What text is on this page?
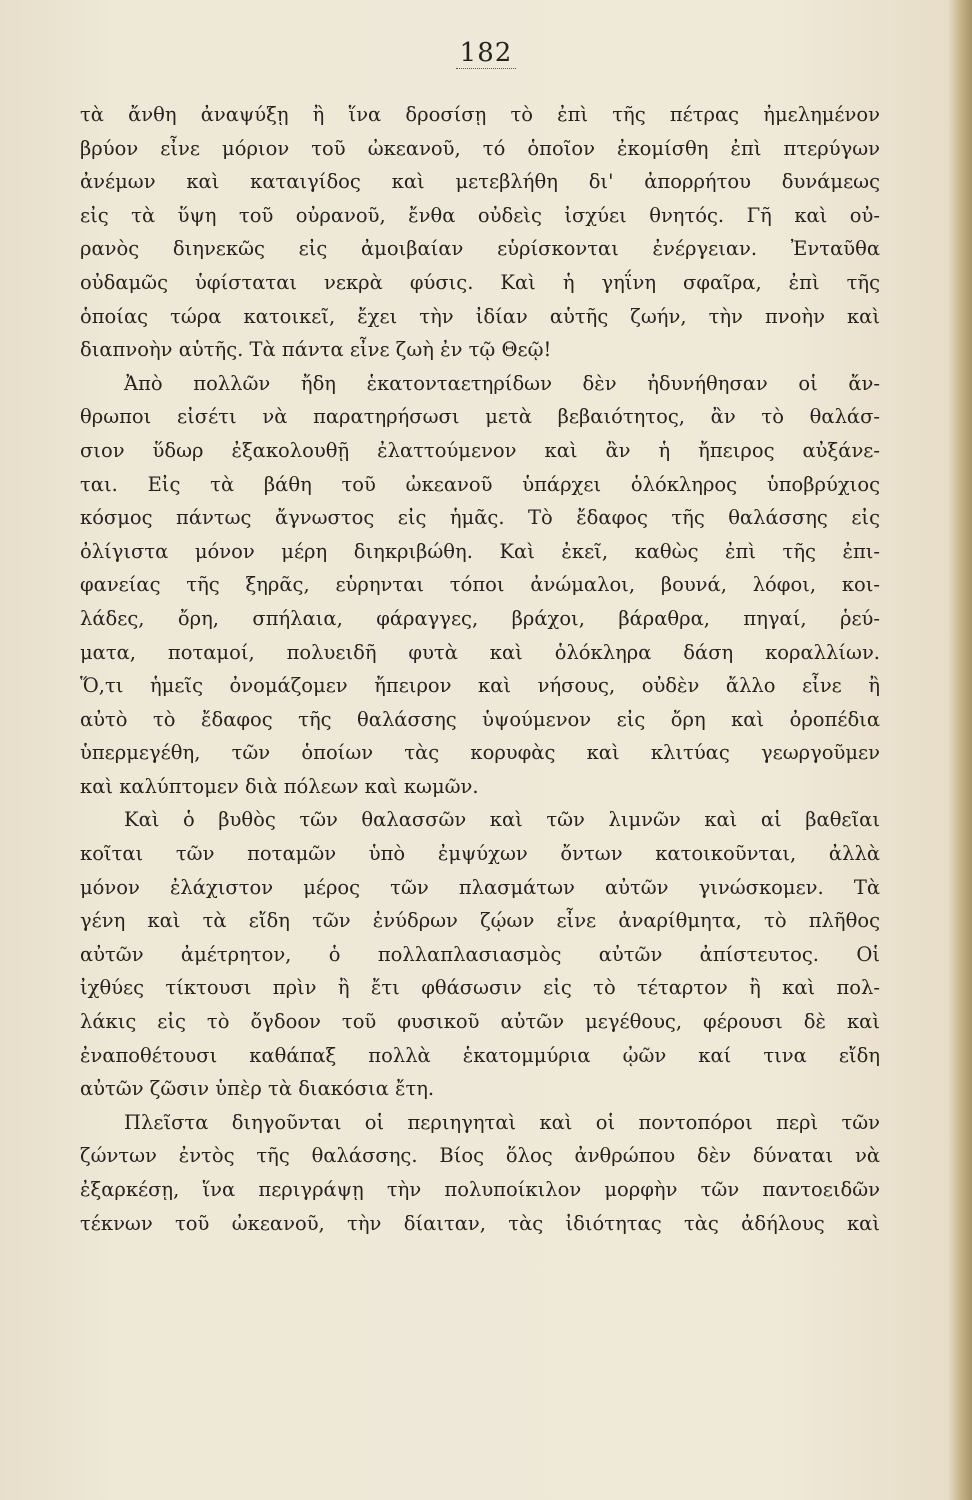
182
τὰ ἄνθη ἀναψύξῃ ἢ ἵνα δροσίσῃ τὸ ἐπὶ τῆς πέτρας ἠμελημένον
βρύον εἶνε μόριον τοῦ ὠκεανοῦ, τό ὁποῖον ἐκομίσθη ἐπὶ πτερύγων
ἀνέμων καὶ καταιγίδος καὶ μετεβλήθη δι' ἀπορρήτου δυνάμεως
εἰς τὰ ὕψη τοῦ οὐρανοῦ, ἔνθα οὐδεὶς ἰσχύει θνητός. Γῆ καὶ οὐ-
ρανὸς διηνεκῶς εἰς ἀμοιβαίαν εὑρίσκονται ἐνέργειαν. Ἐνταῦθα
οὐδαμῶς ὑφίσταται νεκρὰ φύσις. Καὶ ἡ γηΐνη σφαῖρα, ἐπὶ τῆς
ὁποίας τώρα κατοικεῖ, ἔχει τὴν ἰδίαν αὑτῆς ζωήν, τὴν πνοὴν καὶ
διαπνοὴν αὑτῆς. Τὰ πάντα εἶνε ζωὴ ἐν τῷ Θεῷ!
Ἀπὸ πολλῶν ἤδη ἑκατονταετηρίδων δὲν ἠδυνήθησαν οἱ ἄν-
θρωποι εἰσέτι νὰ παρατηρήσωσι μετὰ βεβαιότητος, ἂν τὸ θαλάσ-
σιον ὕδωρ ἐξακολουθῇ ἐλαττούμενον καὶ ἂν ἡ ἤπειρος αὐξάνε-
ται. Εἰς τὰ βάθη τοῦ ὠκεανοῦ ὑπάρχει ὁλόκληρος ὑποβρύχιος
κόσμος πάντως ἄγνωστος εἰς ἡμᾶς. Τὸ ἔδαφος τῆς θαλάσσης εἰς
ὀλίγιστα μόνον μέρη διηκριβώθη. Καὶ ἐκεῖ, καθὼς ἐπὶ τῆς ἐπι-
φανείας τῆς ξηρᾶς, εὑρηνται τόποι ἀνώμαλοι, βουνά, λόφοι, κοι-
λάδες, ὄρη, σπήλαια, φάραγγες, βράχοι, βάραθρα, πηγαί, ῥεύ-
ματα, ποταμοί, πολυειδῆ φυτὰ καὶ ὁλόκληρα δάση κοραλλίων.
Ὅ,τι ἡμεῖς ὀνομάζομεν ἤπειρον καὶ νήσους, οὐδὲν ἄλλο εἶνε ἢ
αὐτὸ τὸ ἔδαφος τῆς θαλάσσης ὑψούμενον εἰς ὄρη καὶ ὀροπέδια
ὑπερμεγέθη, τῶν ὁποίων τὰς κορυφὰς καὶ κλιτύας γεωργοῦμεν
καὶ καλύπτομεν διὰ πόλεων καὶ κωμῶν.
Καὶ ὁ βυθὸς τῶν θαλασσῶν καὶ τῶν λιμνῶν καὶ αἱ βαθεῖαι
κοῖται τῶν ποταμῶν ὑπὸ ἐμψύχων ὄντων κατοικοῦνται, ἀλλὰ
μόνον ἐλάχιστον μέρος τῶν πλασμάτων αὐτῶν γινώσκομεν. Τὰ
γένη καὶ τὰ εἴδη τῶν ἐνύδρων ζῴων εἶνε ἀναρίθμητα, τὸ πλῆθος
αὐτῶν ἀμέτρητον, ὁ πολλαπλασιασμὸς αὐτῶν ἀπίστευτος. Οἱ
ἰχθύες τίκτουσι πρὶν ἢ ἔτι φθάσωσιν εἰς τὸ τέταρτον ἢ καὶ πολ-
λάκις εἰς τὸ ὄγδοον τοῦ φυσικοῦ αὐτῶν μεγέθους, φέρουσι δὲ καὶ
ἐναποθέτουσι καθάπαξ πολλὰ ἑκατομμύρια ᾠῶν καί τινα εἴδη
αὐτῶν ζῶσιν ὑπὲρ τὰ διακόσια ἔτη.
Πλεῖστα διηγοῦνται οἱ περιηγηταὶ καὶ οἱ ποντοπόροι περὶ τῶν
ζώντων ἐντὸς τῆς θαλάσσης. Βίος ὅλος ἀνθρώπου δὲν δύναται νὰ
ἐξαρκέσῃ, ἵνα περιγράψῃ τὴν πολυποίκιλον μορφὴν τῶν παντοειδῶν
τέκνων τοῦ ὠκεανοῦ, τὴν δίαιταν, τὰς ἰδιότητας τὰς ἀδήλους καὶ
